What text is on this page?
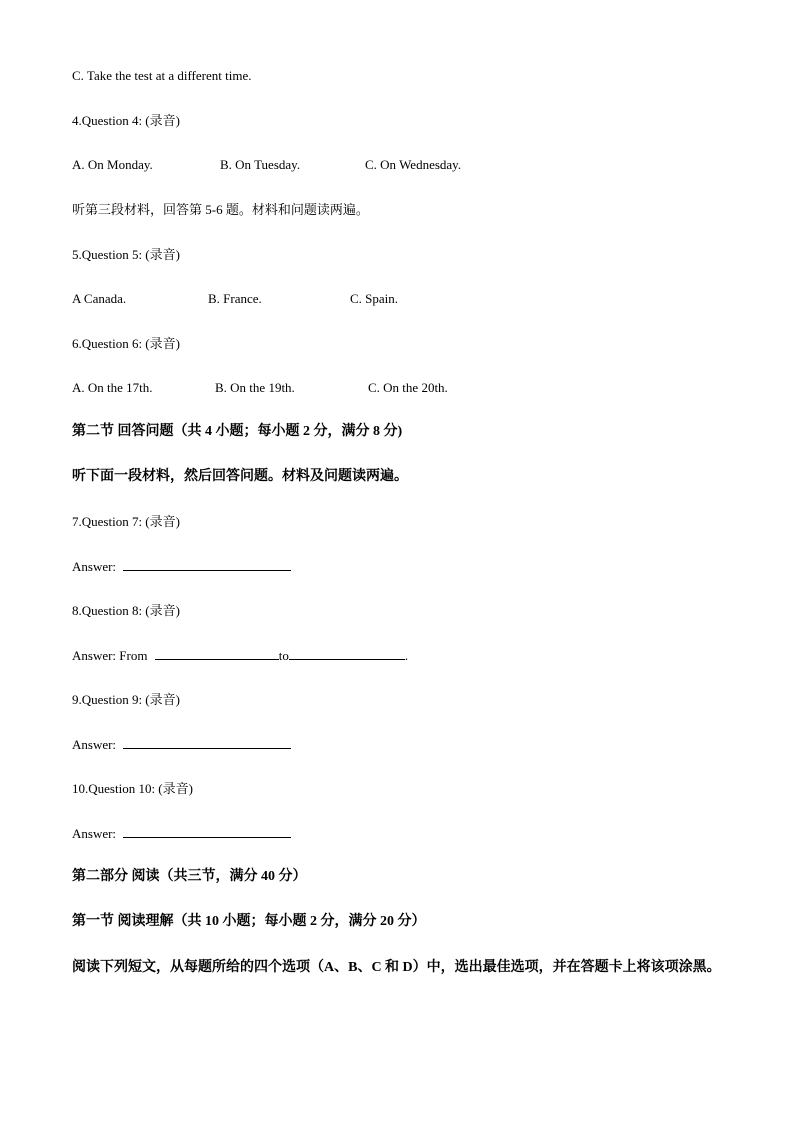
C. Take the test at a different time.
4.Question 4: (录音)
A. On Monday.	B. On Tuesday.	C. On Wednesday.
听第三段材料，回答第 5-6 题。材料和问题读两遍。
5.Question 5: (录音)
A Canada.	B. France.	C. Spain.
6.Question 6: (录音)
A. On the 17th.	B. On the 19th.	C. On the 20th.
第二节 回答问题（共 4 小题；每小题 2 分，满分 8 分)
听下面一段材料，然后回答问题。材料及问题读两遍。
7.Question 7: (录音)
Answer:
8.Question 8: (录音)
Answer: From	to	.
9.Question 9: (录音)
Answer:
10.Question 10: (录音)
Answer:
第二部分 阅读（共三节，满分 40 分）
第一节 阅读理解（共 10 小题；每小题 2 分，满分 20 分）
阅读下列短文，从每题所给的四个选项（A、B、C 和 D）中，选出最佳选项，并在答题卡上将该项涂黑。
